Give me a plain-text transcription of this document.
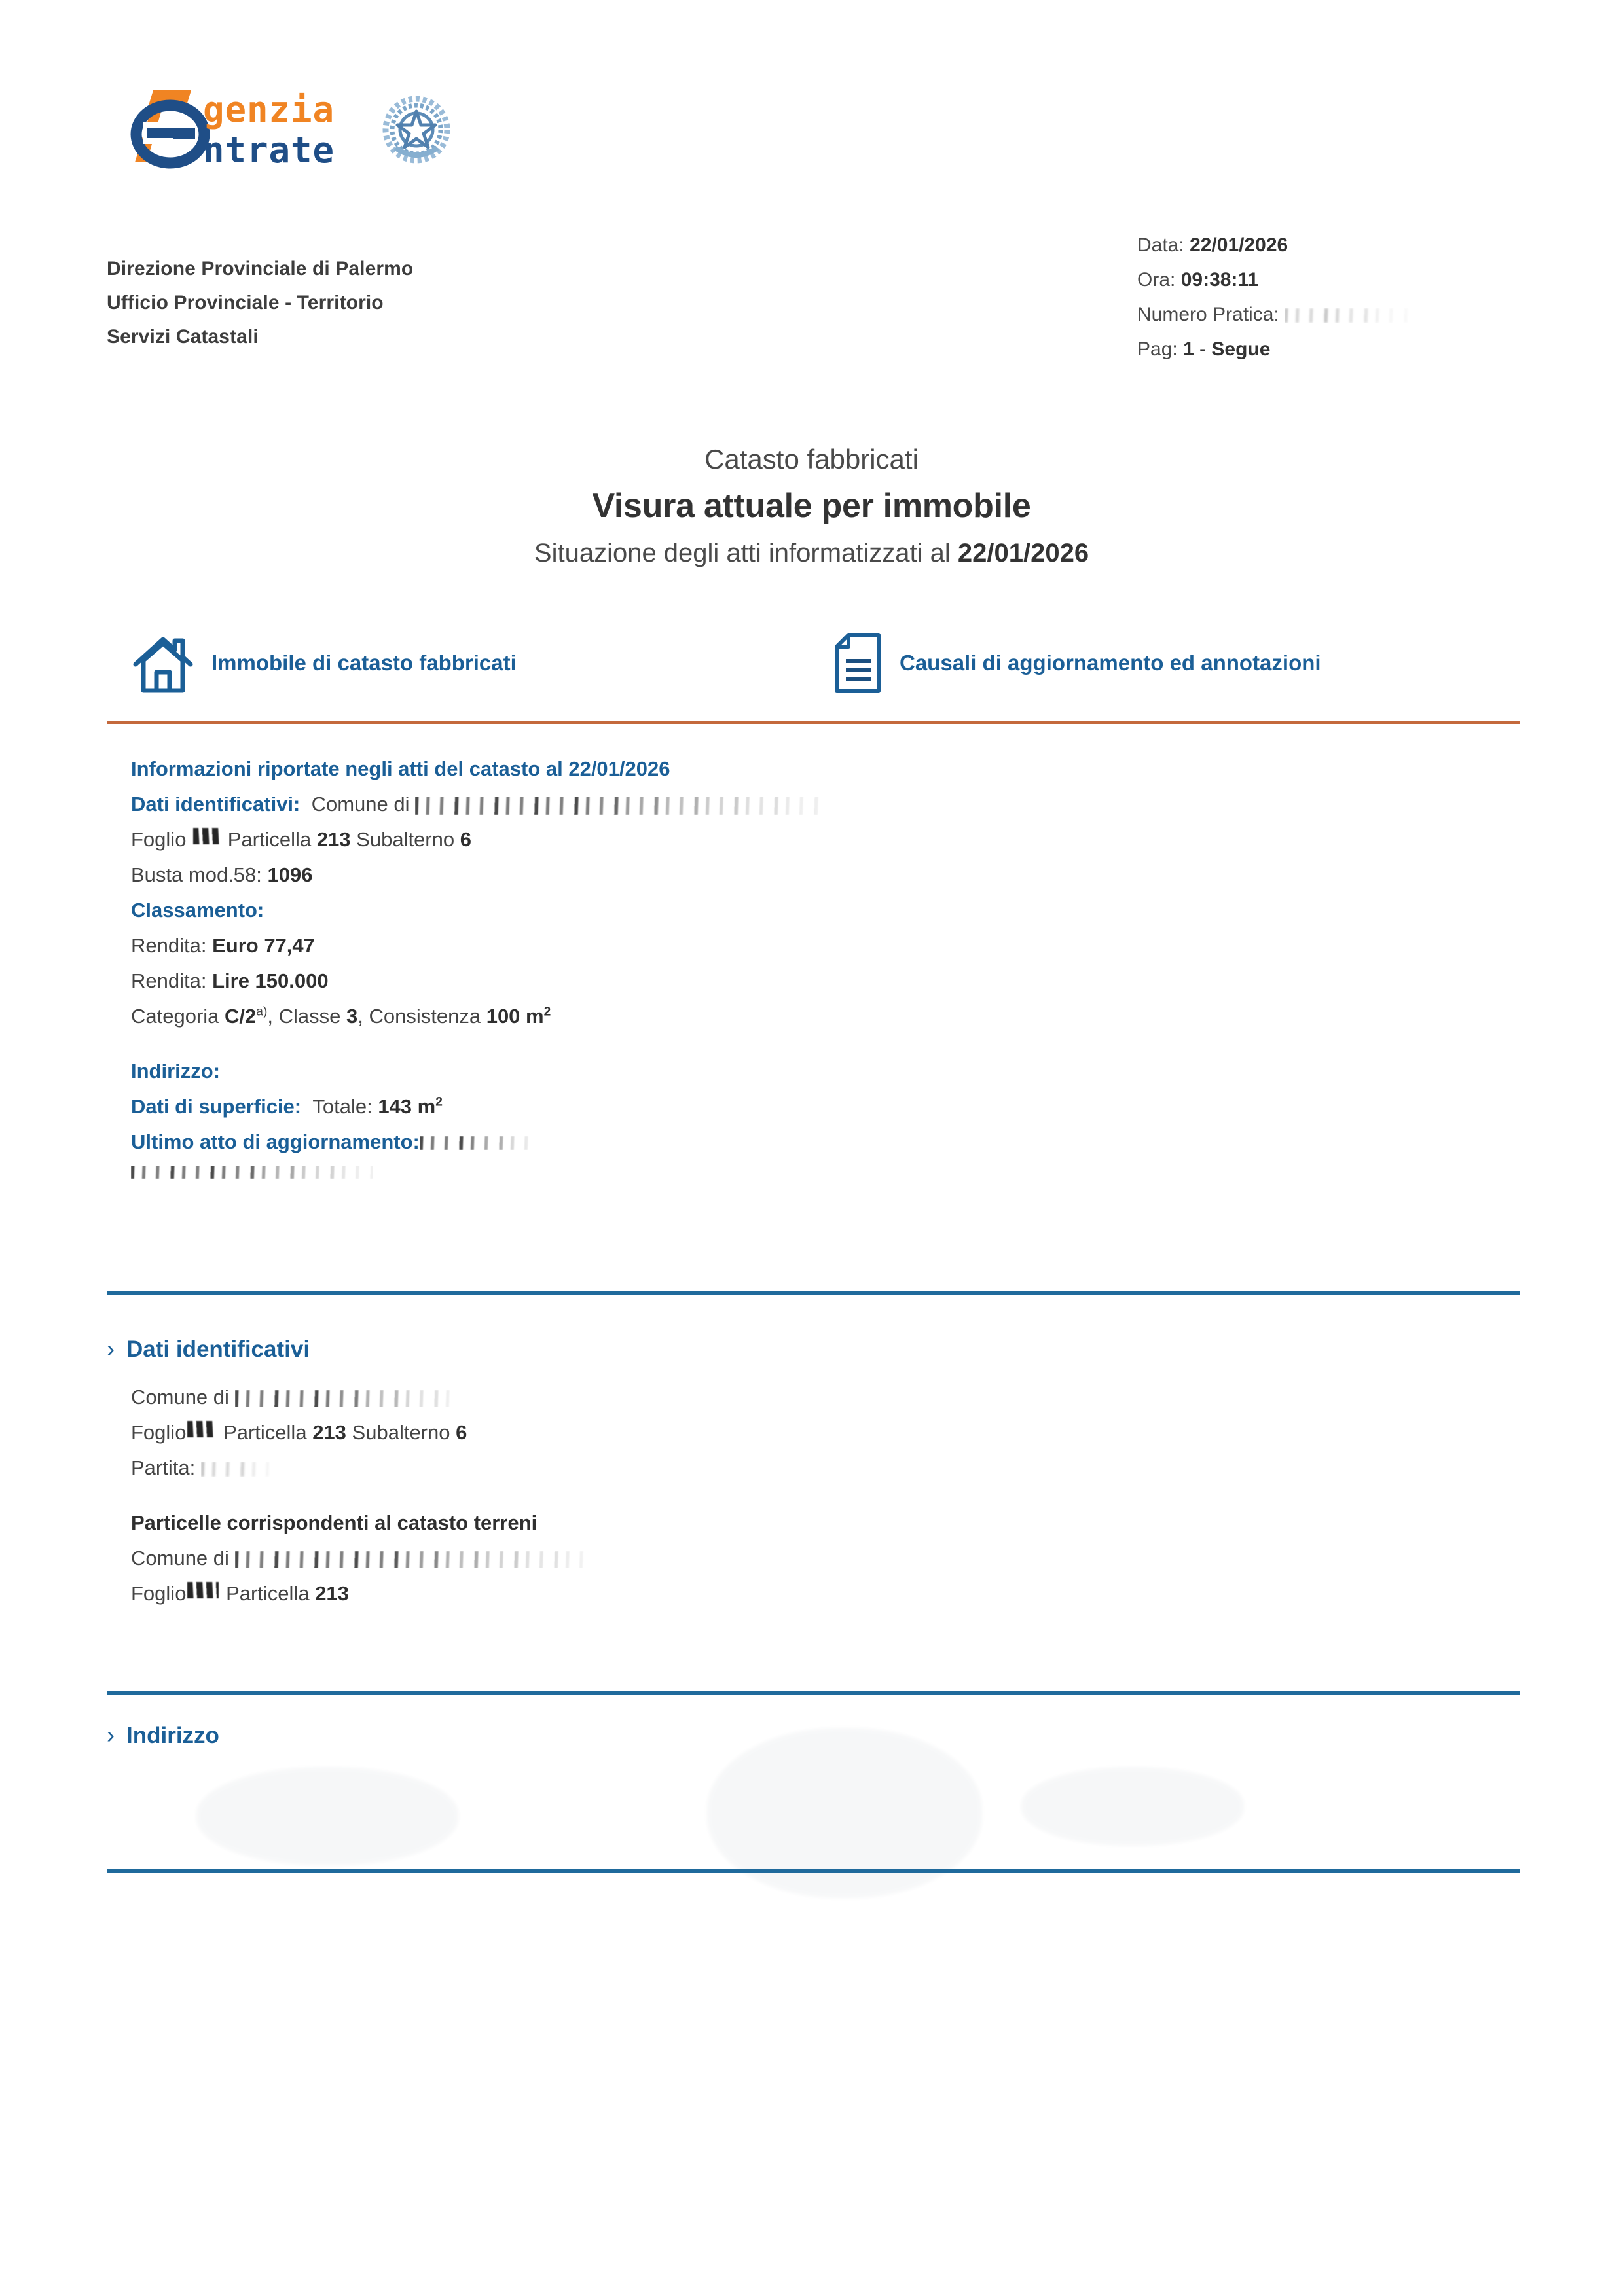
genzia
ntrate
Direzione Provinciale di Palermo
Ufficio Provinciale - Territorio
Servizi Catastali
Data: 22/01/2026
Ora: 09:38:11
Numero Pratica:
Pag: 1 - Segue
Catasto fabbricati
Visura attuale per immobile
Situazione degli atti informatizzati al 22/01/2026
Immobile di catasto fabbricati	Causali di aggiornamento ed annotazioni
Informazioni riportate negli atti del catasto al 22/01/2026
Dati identificativi: Comune di
Foglio Particella 213 Subalterno 6
Busta mod.58: 1096
Classamento:
Rendita: Euro 77,47
Rendita: Lire 150.000
Categoria C/2$^{a)}$, Classe 3, Consistenza 100 $m^2$
Indirizzo:
Dati di superficie: Totale: 143 $m^2$
Ultimo atto di aggiornamento:
› Dati identificativi
Comune di
Foglio Particella 213 Subalterno 6
Partita:
Particelle corrispondenti al catasto terreni
Comune di
Foglio Particella 213
› Indirizzo
